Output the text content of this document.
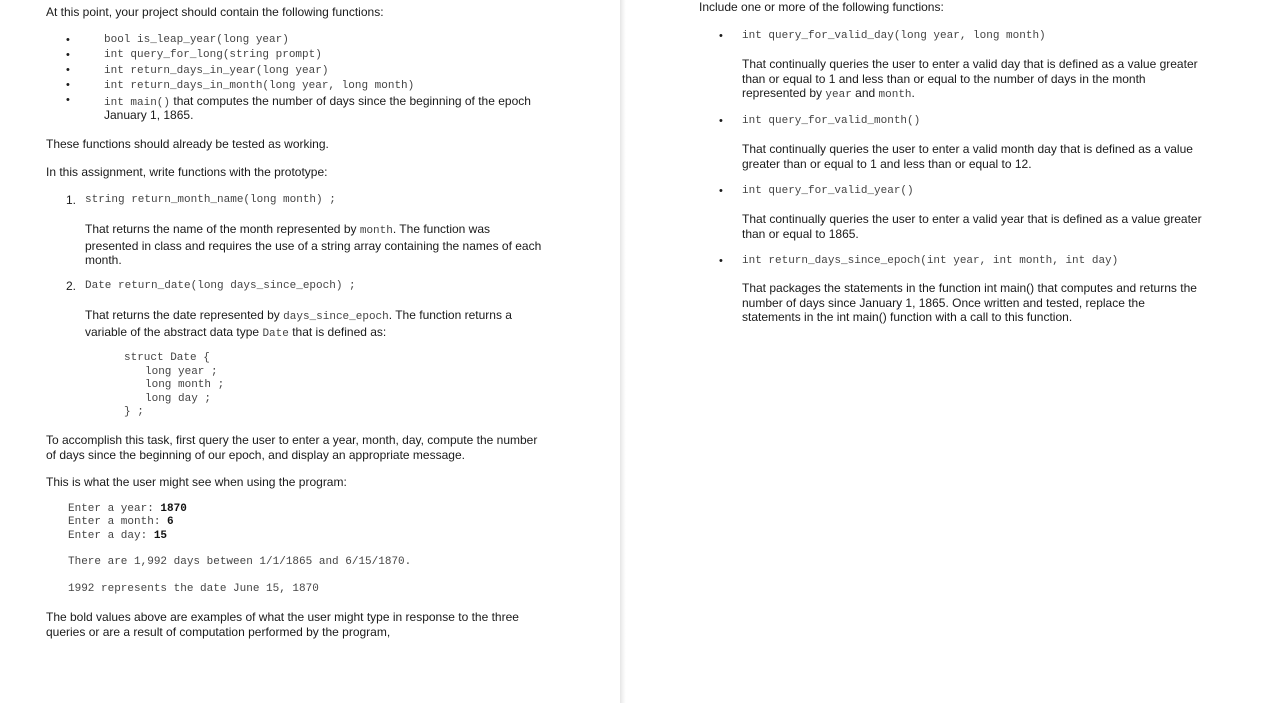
At this point, your project should contain the following functions:
•	bool is_leap_year(long year)
•	int query_for_long(string prompt)
•	int return_days_in_year(long year)
•	int return_days_in_month(long year, long month)
•	int main() that computes the number of days since the beginning of the epoch
January 1, 1865.
These functions should already be tested as working.
In this assignment, write functions with the prototype:
1. string return_month_name(long month) ;
That returns the name of the month represented by month. The function was presented in class and requires the use of a string array containing the names of each month.
2. Date return_date(long days_since_epoch) ;
That returns the date represented by days_since_epoch. The function returns a variable of the abstract data type Date that is defined as:
struct Date {
long year ;
long month ;
long day ;
} ;
To accomplish this task, first query the user to enter a year, month, day, compute the number of days since the beginning of our epoch, and display an appropriate message.
This is what the user might see when using the program:
Enter a year: 1870
Enter a month: 6
Enter a day: 15
There are 1,992 days between 1/1/1865 and 6/15/1870.
1992 represents the date June 15, 1870
The bold values above are examples of what the user might type in response to the three queries or are a result of computation performed by the program,
Include one or more of the following functions:
• int query_for_valid_day(long year, long month)
That continually queries the user to enter a valid day that is defined as a value greater than or equal to 1 and less than or equal to the number of days in the month represented by year and month.
• int query_for_valid_month()
That continually queries the user to enter a valid month day that is defined as a value greater than or equal to 1 and less than or equal to 12.
• int query_for_valid_year()
That continually queries the user to enter a valid year that is defined as a value greater than or equal to 1865.
• int return_days_since_epoch(int year, int month, int day)
That packages the statements in the function int main() that computes and returns the number of days since January 1, 1865. Once written and tested, replace the statements in the int main() function with a call to this function.
